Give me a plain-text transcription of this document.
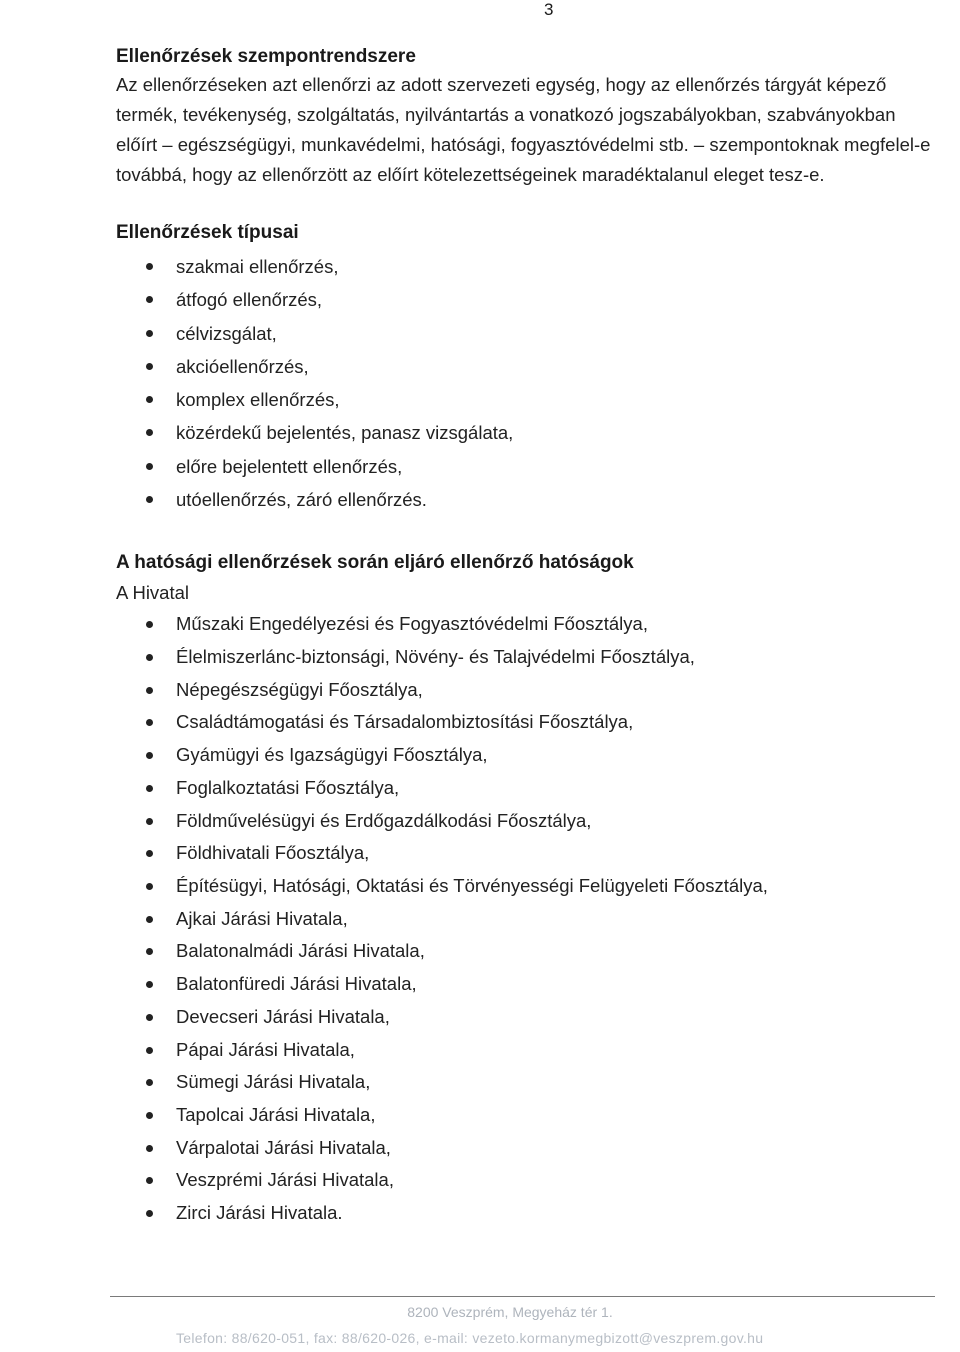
3
Ellenőrzések szempontrendszere

Az ellenőrzéseken azt ellenőrzi az adott szervezeti egység, hogy az ellenőrzés tárgyát képező termék, tevékenység, szolgáltatás, nyilvántartás a vonatkozó jogszabályokban, szabványokban előírt – egészségügyi, munkavédelmi, hatósági, fogyasztóvédelmi stb. – szempontoknak megfelel-e továbbá, hogy az ellenőrzött az előírt kötelezettségeinek maradéktalanul eleget tesz-e.

Ellenőrzések típusai
szakmai ellenőrzés,
átfogó ellenőrzés,
célvizsgálat,
akcióellenőrzés,
komplex ellenőrzés,
közérdekű bejelentés, panasz vizsgálata,
előre bejelentett ellenőrzés,
utóellenőrzés, záró ellenőrzés.
A hatósági ellenőrzések során eljáró ellenőrző hatóságok
A Hivatal
Műszaki Engedélyezési és Fogyasztóvédelmi Főosztálya,
Élelmiszerlánc-biztonsági, Növény- és Talajvédelmi Főosztálya,
Népegészségügyi Főosztálya,
Családtámogatási és Társadalombiztosítási Főosztálya,
Gyámügyi és Igazságügyi Főosztálya,
Foglalkoztatási Főosztálya,
Földművelésügyi és Erdőgazdálkodási Főosztálya,
Földhivatali Főosztálya,
Építésügyi, Hatósági, Oktatási és Törvényességi Felügyeleti Főosztálya,
Ajkai Járási Hivatala,
Balatonalmádi Járási Hivatala,
Balatonfüredi Járási Hivatala,
Devecseri Járási Hivatala,
Pápai Járási Hivatala,
Sümegi Járási Hivatala,
Tapolcai Járási Hivatala,
Várpalotai Járási Hivatala,
Veszprémi Járási Hivatala,
Zirci Járási Hivatala.
8200 Veszprém, Megyeház tér 1.
Telefon: 88/620-051, fax: 88/620-026, e-mail: vezeto.kormanymegbizott@veszprem.gov.hu
